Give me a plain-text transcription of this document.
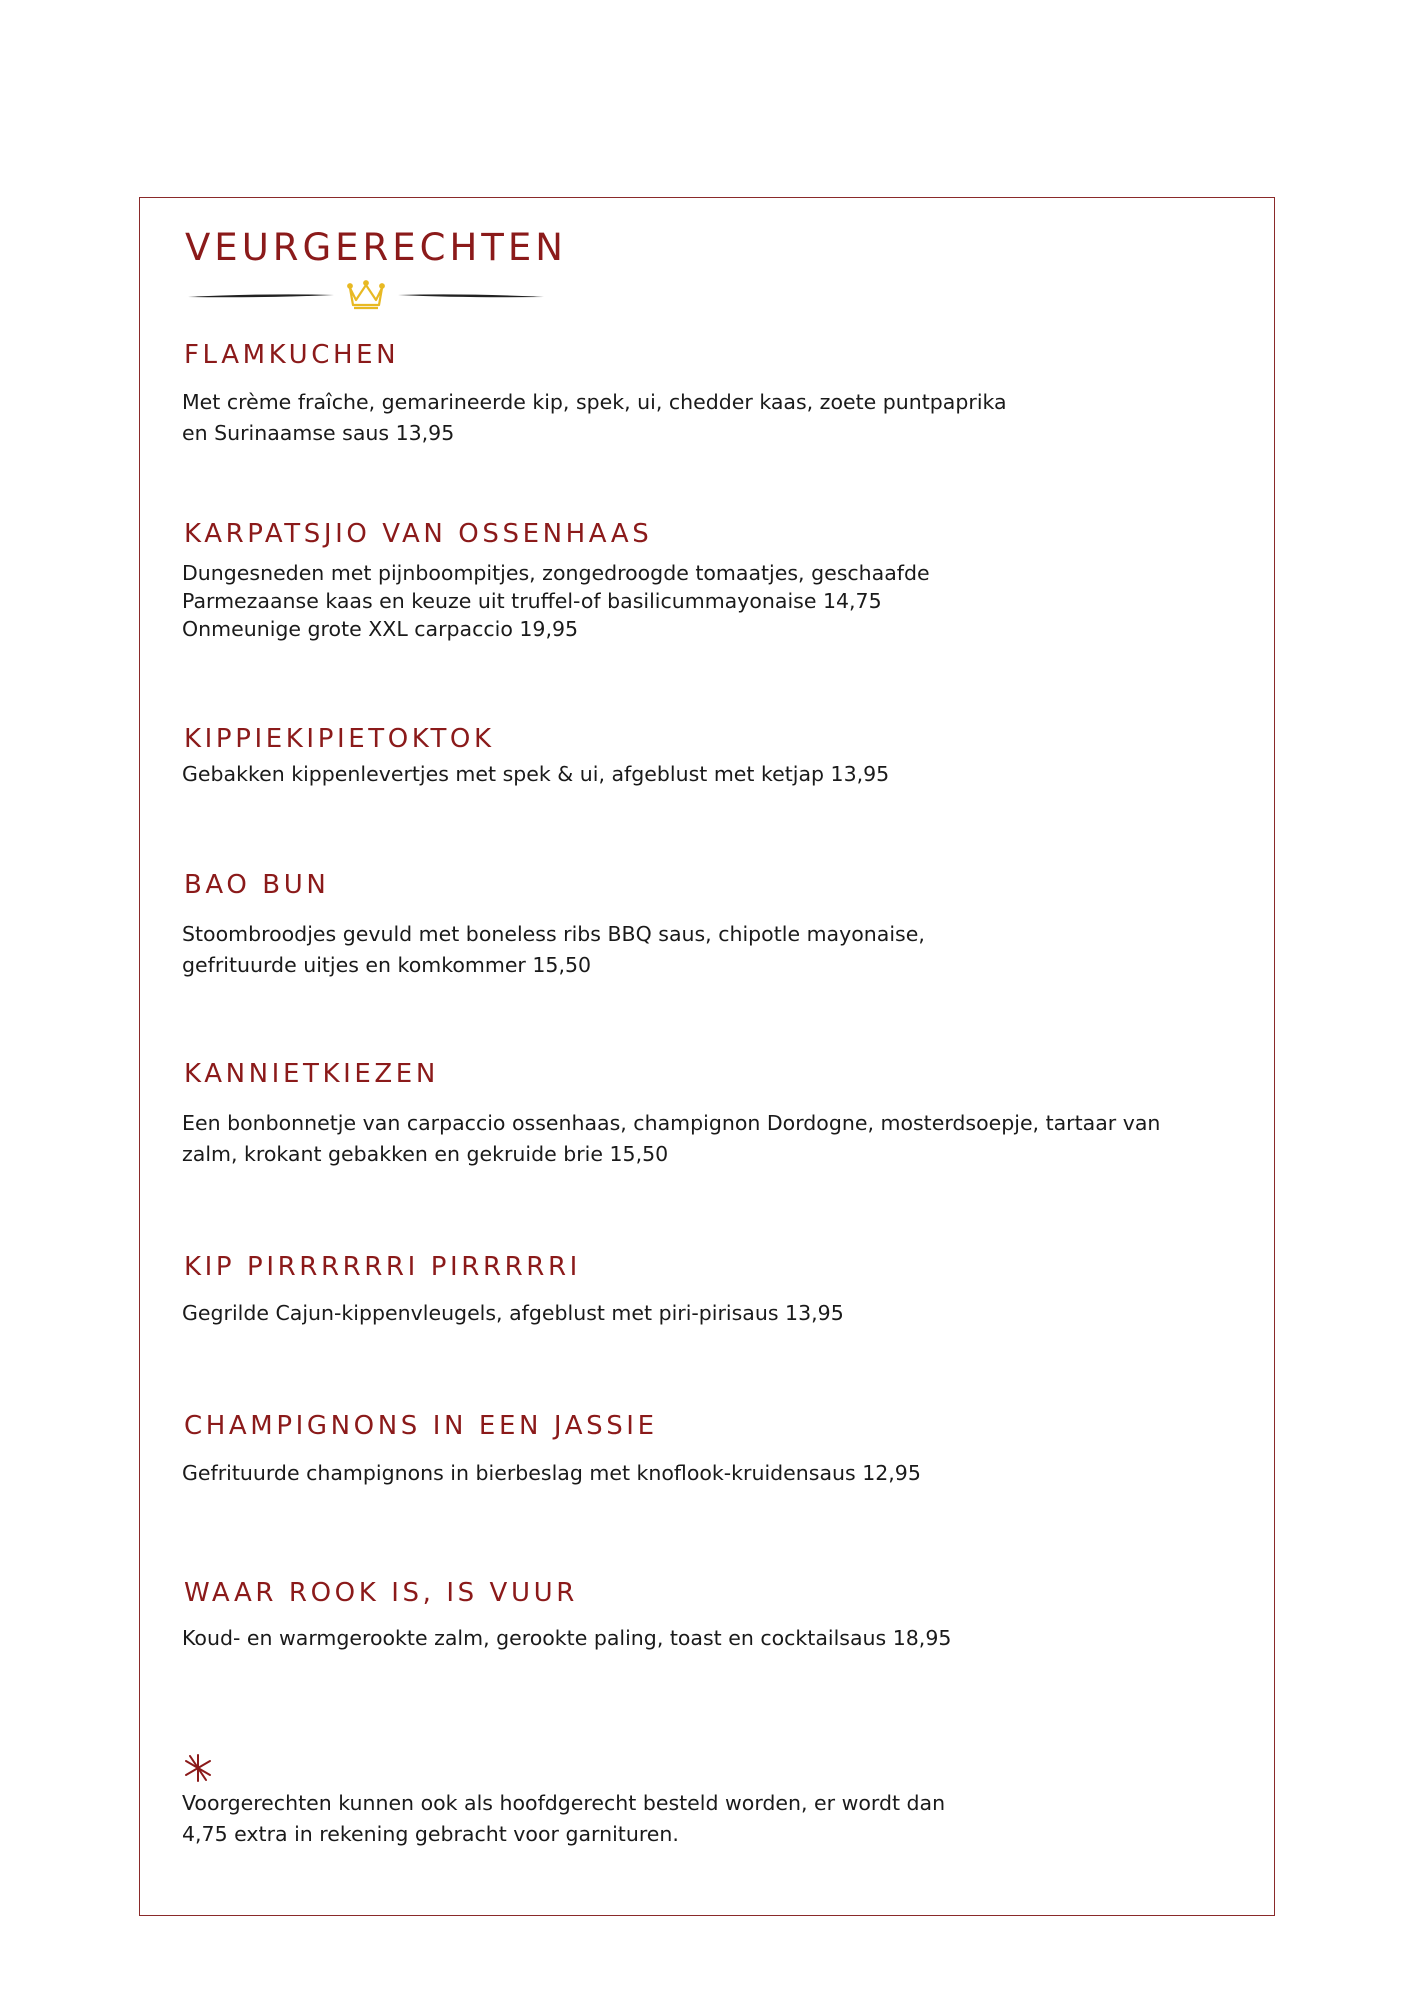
VEURGERECHTEN
FLAMKUCHEN

Met crème fraîche, gemarineerde kip, spek, ui, chedder kaas, zoete puntpaprika
en Surinaamse saus 13,95

KARPATSJIO VAN OSSENHAAS

Dungesneden met pijnboompitjes, zongedroogde tomaatjes, geschaafde
Parmezaanse kaas en keuze uit truffel-of basilicummayonaise 14,75
Onmeunige grote XXL carpaccio 19,95

KIPPIEKIPIETOKTOK

Gebakken kippenlevertjes met spek & ui, afgeblust met ketjap 13,95

BAO BUN

Stoombroodjes gevuld met boneless ribs BBQ saus, chipotle mayonaise,
gefrituurde uitjes en komkommer 15,50

KANNIETKIEZEN

Een bonbonnetje van carpaccio ossenhaas, champignon Dordogne, mosterdsoepje, tartaar van
zalm, krokant gebakken en gekruide brie 15,50

KIP PIRRRRRRI PIRRRRRI

Gegrilde Cajun-kippenvleugels, afgeblust met piri-pirisaus 13,95

CHAMPIGNONS IN EEN JASSIE

Gefrituurde champignons in bierbeslag met knoflook-kruidensaus 12,95

WAAR ROOK IS, IS VUUR

Koud- en warmgerookte zalm, gerookte paling, toast en cocktailsaus 18,95

Voorgerechten kunnen ook als hoofdgerecht besteld worden, er wordt dan
4,75 extra in rekening gebracht voor garnituren.
